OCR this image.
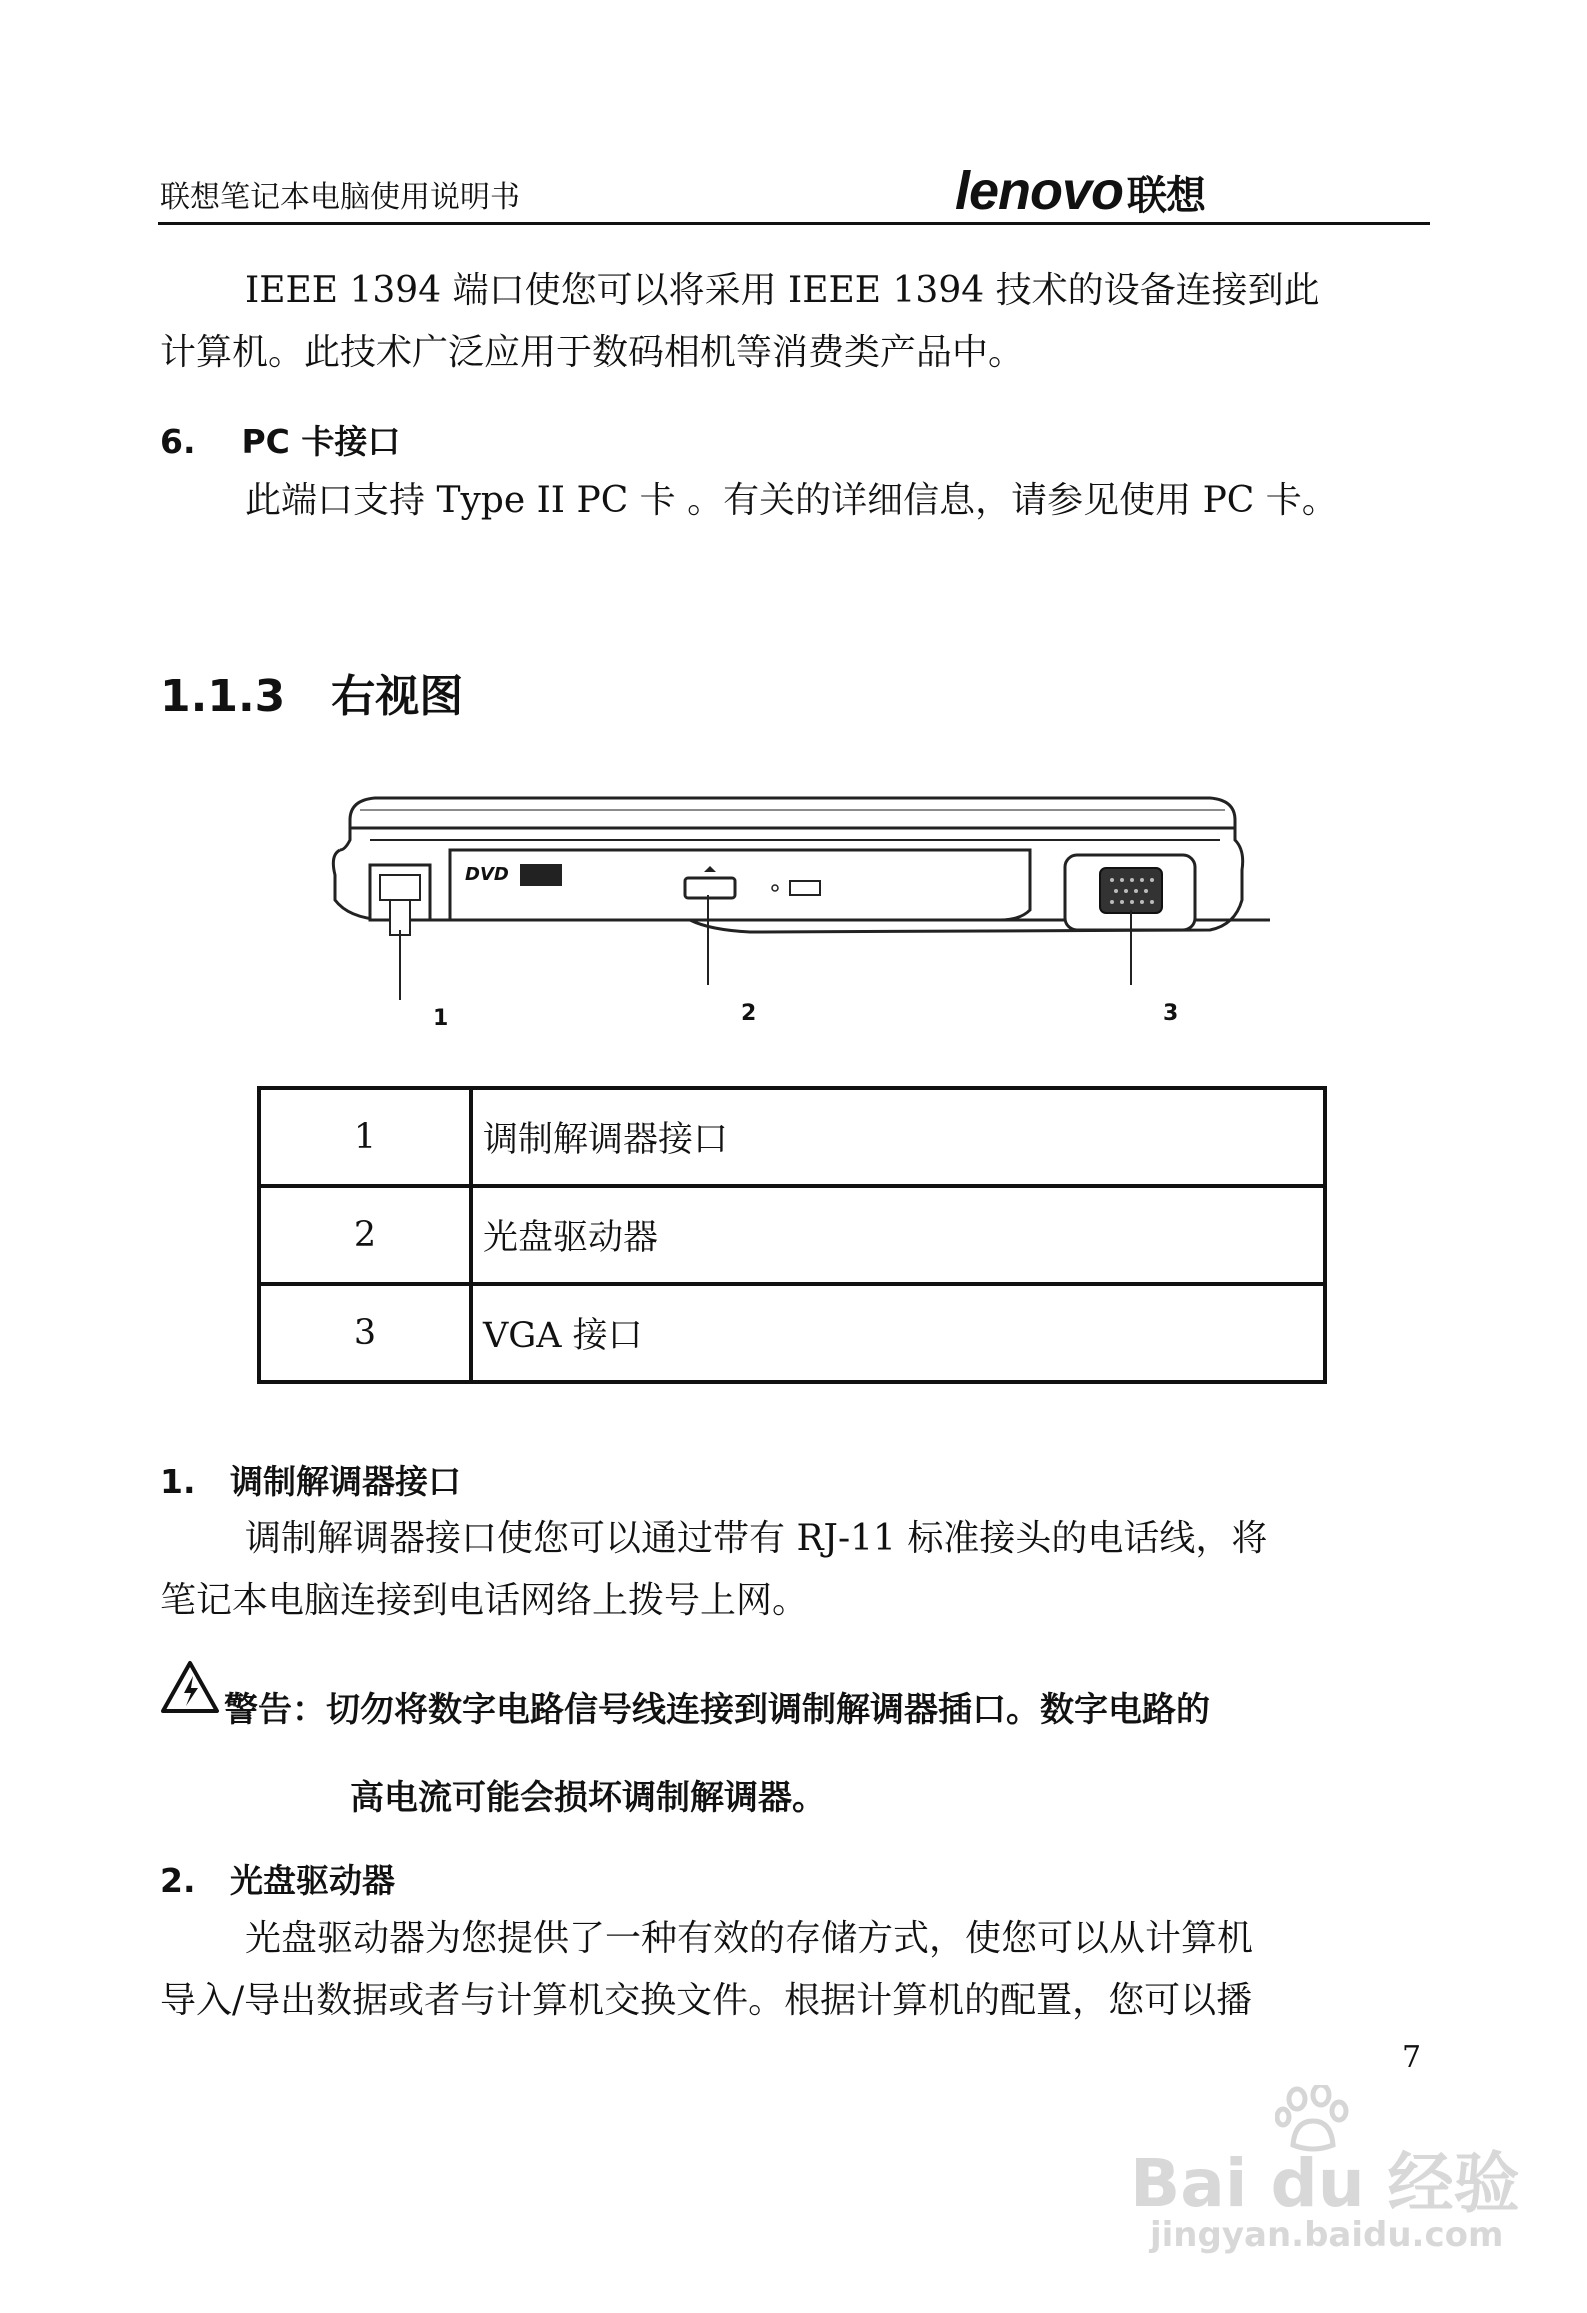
联想笔记本电脑使用说明书	lenovo 联想
IEEE 1394 端口使您可以将采用 IEEE 1394 技术的设备连接到此
计算机。此技术广泛应用于数码相机等消费类产品中。
6.    PC 卡接口
此端口支持 Type II PC 卡 。有关的详细信息，请参见使用 PC 卡。
1.1.3   右视图
DVD
1	2	3
1	调制解调器接口
2	光盘驱动器
3	VGA 接口
1.   调制解调器接口
调制解调器接口使您可以通过带有 RJ-11 标准接头的电话线，将
笔记本电脑连接到电话网络上拨号上网。
警告：切勿将数字电路信号线连接到调制解调器插口。数字电路的
高电流可能会损坏调制解调器。
2.   光盘驱动器
光盘驱动器为您提供了一种有效的存储方式，使您可以从计算机
导入/导出数据或者与计算机交换文件。根据计算机的配置，您可以播
7
Bai du 经验
jingyan.baidu.com
